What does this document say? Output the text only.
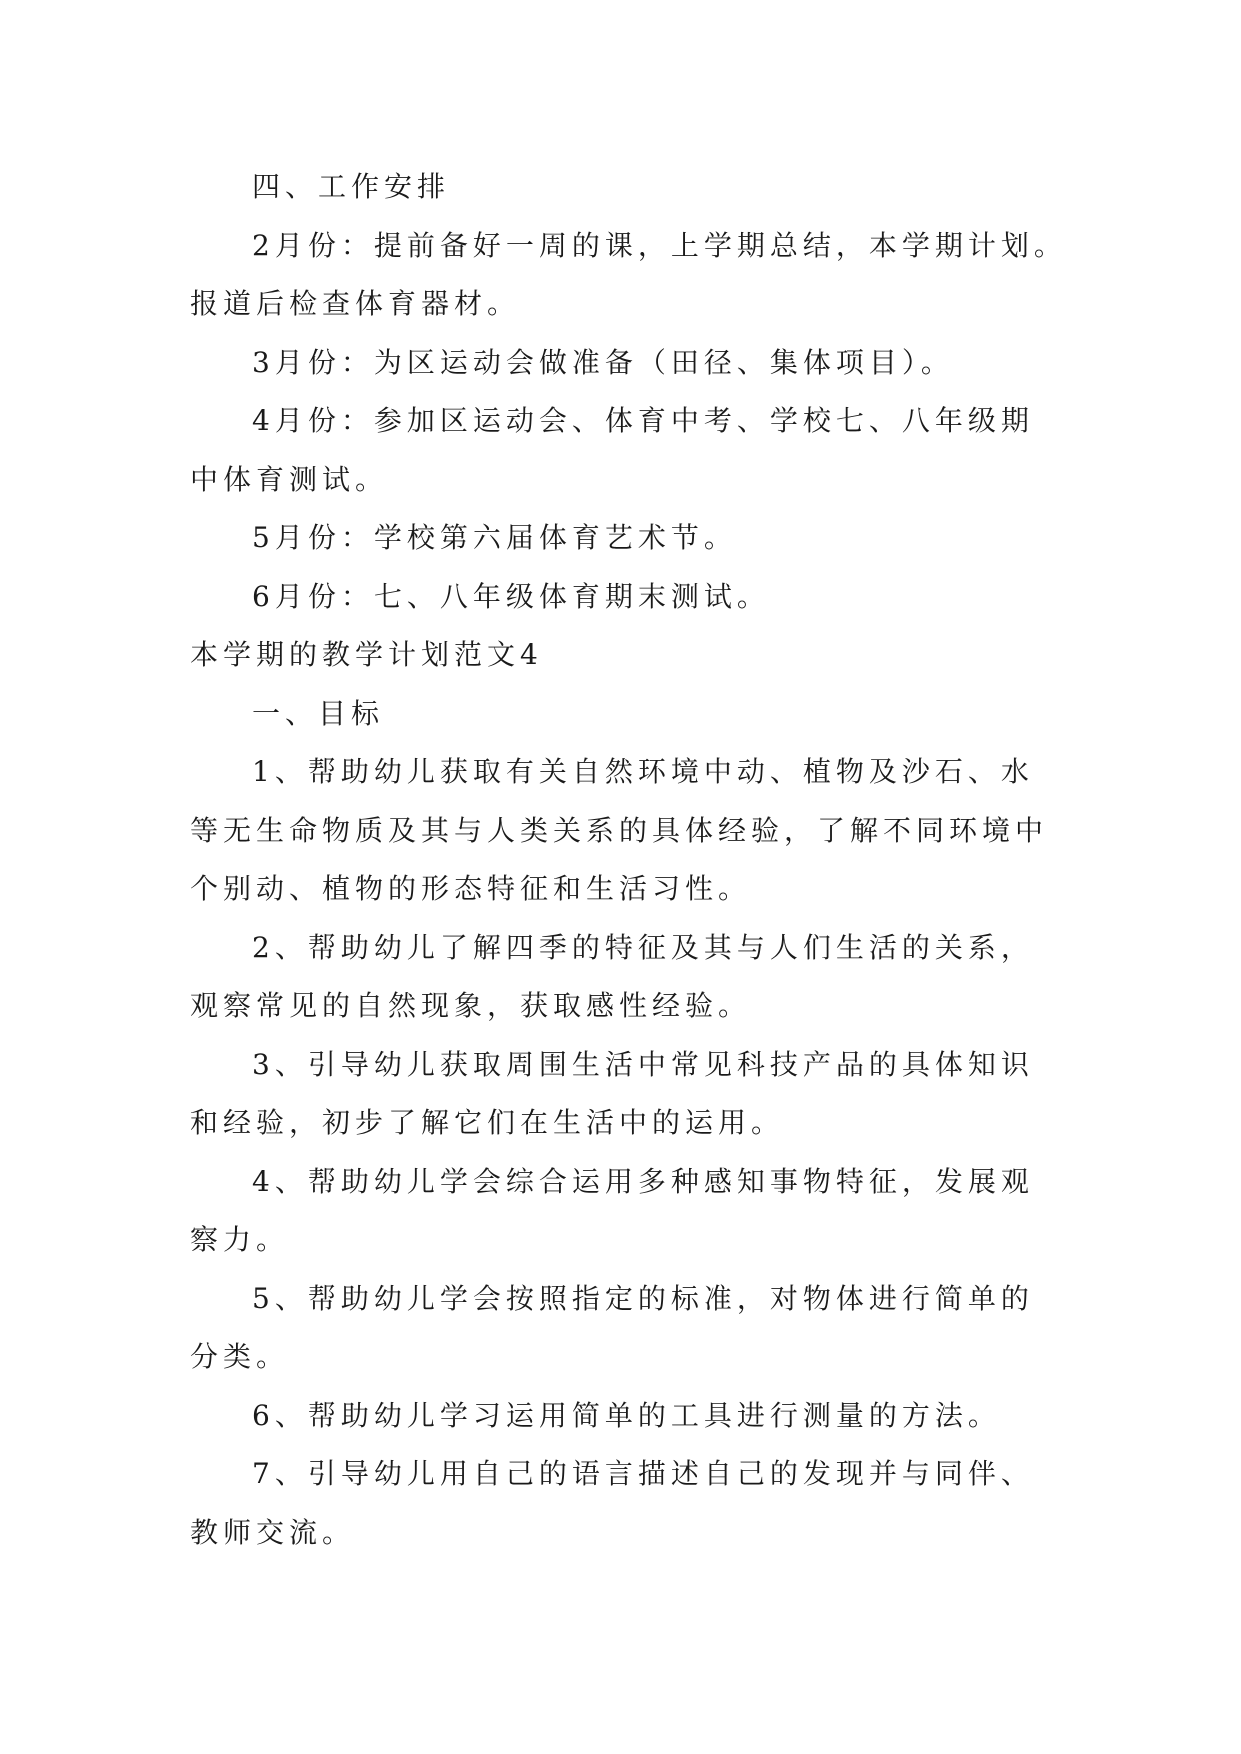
四、工作安排

2月份：提前备好一周的课，上学期总结，本学期计划。

报道后检查体育器材。

3月份：为区运动会做准备（田径、集体项目）。

4月份：参加区运动会、体育中考、学校七、八年级期

中体育测试。

5月份：学校第六届体育艺术节。

6月份：七、八年级体育期末测试。

本学期的教学计划范文4

一、目标

1、帮助幼儿获取有关自然环境中动、植物及沙石、水

等无生命物质及其与人类关系的具体经验，了解不同环境中

个别动、植物的形态特征和生活习性。

2、帮助幼儿了解四季的特征及其与人们生活的关系，

观察常见的自然现象，获取感性经验。

3、引导幼儿获取周围生活中常见科技产品的具体知识

和经验，初步了解它们在生活中的运用。

4、帮助幼儿学会综合运用多种感知事物特征，发展观

察力。

5、帮助幼儿学会按照指定的标准，对物体进行简单的

分类。

6、帮助幼儿学习运用简单的工具进行测量的方法。

7、引导幼儿用自己的语言描述自己的发现并与同伴、

教师交流。
